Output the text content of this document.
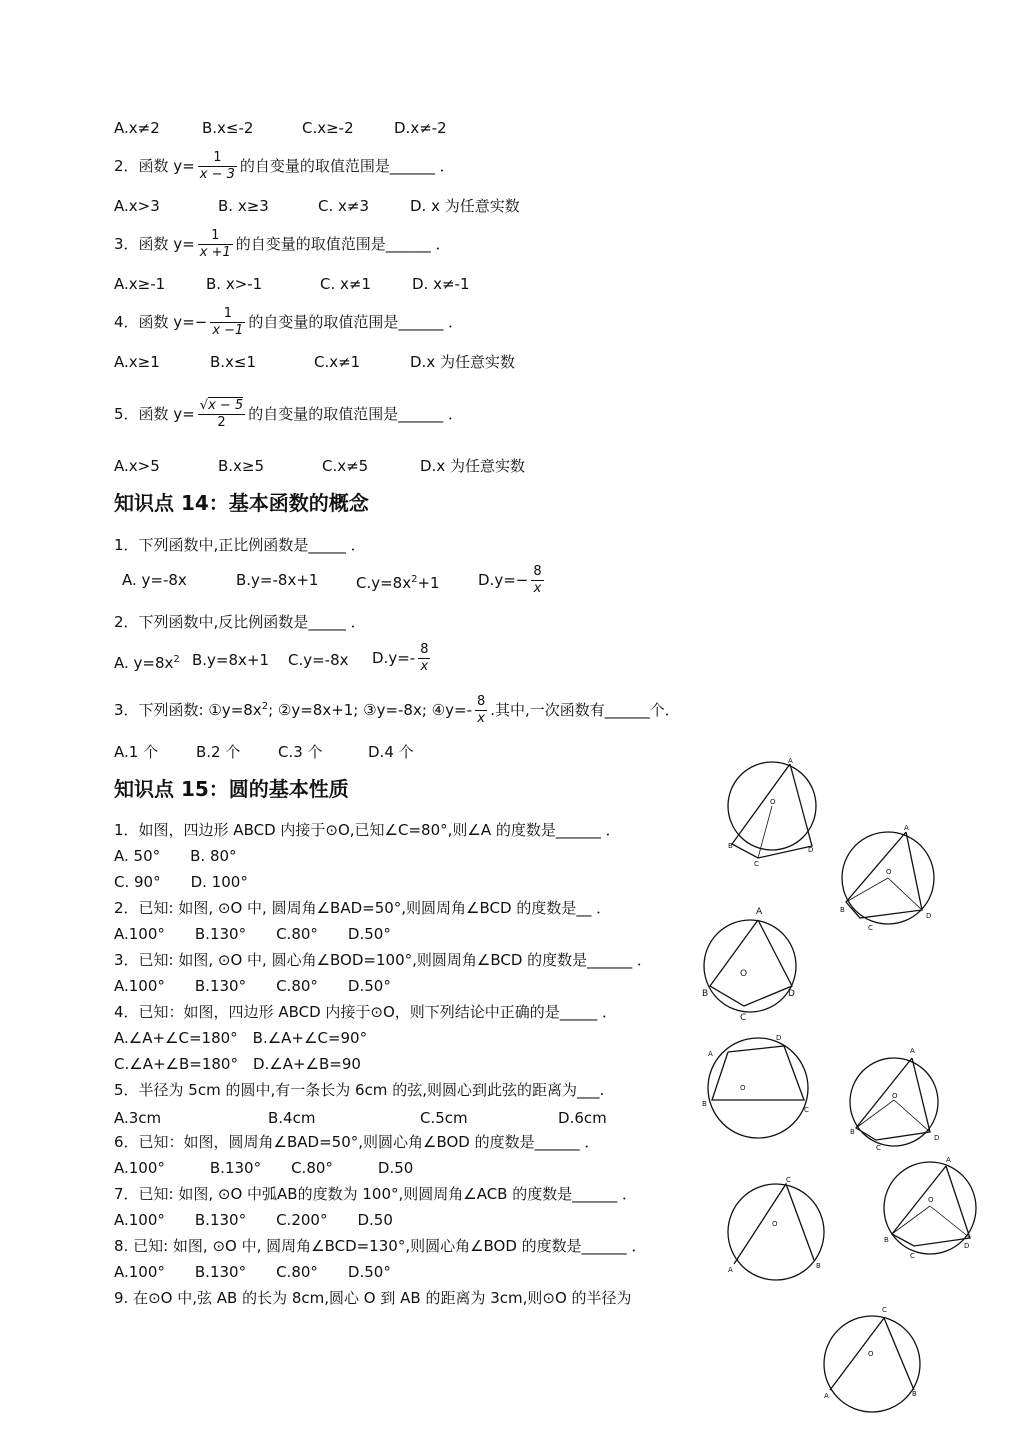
A.x≠2	B.x≤-2	C.x≥-2	D.x≠-2
2．函数 $y= \frac{1}{x - 3}$ 的自变量的取值范围是______ ．
A.x>3	B. x≥3	C. x≠3	D. x 为任意实数
3．函数 $y= \frac{1}{x +1}$ 的自变量的取值范围是______ ．
A.x≥-1	B. x>-1	C. x≠1	D. x≠-1
4．函数 $y=- \frac{1}{x -1}$ 的自变量的取值范围是______ ．
A.x≥1	B.x≤1	C.x≠1	D.x 为任意实数
5．函数 $y= \frac{√x - 5}{2}$ 的自变量的取值范围是______ ．
A.x>5	B.x≥5	C.x≠5	D.x 为任意实数
知识点 14：基本函数的概念
1．下列函数中,正比例函数是_____ ．
A. y=-8x	B.y=-8x+1	$C.y=8x^2+1$	$D.y=- \frac{8}{x}$
2．下列函数中,反比例函数是_____ ．
A. $y=8x^2$ B.y=8x+1 C.y=-8x $D.y=- \frac{8}{x}$
3．下列函数: $①y=8x^2$; ②y=8x+1; ③y=-8x; ④y=- $\frac{8}{x}$ .其中,一次函数有______个．
A.1 个	B.2 个	C.3 个	D.4 个
知识点 15：圆的基本性质
1．如图，四边形 ABCD 内接于⊙O,已知∠C=80°,则∠A 的度数是______ ．
A. 50°　　B. 80°
C. 90°　　D. 100°
2．已知: 如图, ⊙O 中, 圆周角∠BAD=50°,则圆周角∠BCD 的度数是__ ．
A.100°　　B.130°　　C.80°　　D.50°
3．已知: 如图, ⊙O 中, 圆心角∠BOD=100°,则圆周角∠BCD 的度数是______ ．
A.100°　　B.130°　　C.80°　　D.50°
4．已知：如图，四边形 ABCD 内接于⊙O，则下列结论中正确的是_____ ．
A.∠A+∠C=180°　B.∠A+∠C=90°
C.∠A+∠B=180°　D.∠A+∠B=90
5．半径为 5cm 的圆中,有一条长为 6cm 的弦,则圆心到此弦的距离为___.
A.3cm	B.4cm	C.5cm	D.6cm
6．已知：如图，圆周角∠BAD=50°,则圆心角∠BOD 的度数是______ ．
A.100°　　　B.130°　　C.80°　　　D.50
7．已知: 如图, ⊙O 中弧AB的度数为 100°,则圆周角∠ACB 的度数是______ ．
A.100°　　B.130°　　C.200°　　D.50
8. 已知: 如图, ⊙O 中, 圆周角∠BCD=130°,则圆心角∠BOD 的度数是______ ．
A.100°　　B.130°　　C.80°　　D.50°
9. 在⊙O 中,弦 AB 的长为 8cm,圆心 O 到 AB 的距离为 3cm,则⊙O 的半径为
A
B
C
D
O
A
B
C
D
O
A
B
C
D
O
D
A
B
C
O
A
B
C
D
O
C
A	B
O
A
B
C
D
O
C
A	B
O
